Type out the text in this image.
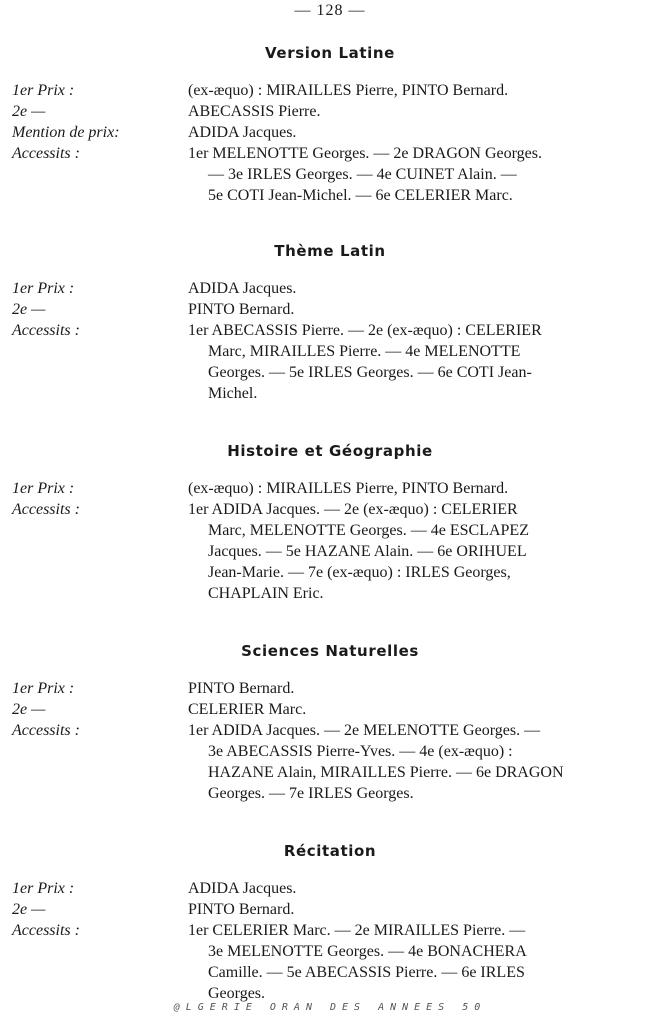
— 128 —
Version Latine
1er Prix :	(ex-æquo) : MIRAILLES Pierre, PINTO Bernard.
2e —	ABECASSIS Pierre.
Mention de prix:	ADIDA Jacques.
Accessits :	1er MELENOTTE Georges. — 2e DRAGON Georges.
— 3e IRLES Georges. — 4e CUINET Alain. —
5e COTI Jean-Michel. — 6e CELERIER Marc.
Thème Latin
1er Prix :	ADIDA Jacques.
2e —	PINTO Bernard.
Accessits :	1er ABECASSIS Pierre. — 2e (ex-æquo) : CELERIER
Marc, MIRAILLES Pierre. — 4e MELENOTTE
Georges. — 5e IRLES Georges. — 6e COTI Jean-
Michel.
Histoire et Géographie
1er Prix :	(ex-æquo) : MIRAILLES Pierre, PINTO Bernard.
Accessits :	1er ADIDA Jacques. — 2e (ex-æquo) : CELERIER
Marc, MELENOTTE Georges. — 4e ESCLAPEZ
Jacques. — 5e HAZANE Alain. — 6e ORIHUEL
Jean-Marie. — 7e (ex-æquo) : IRLES Georges,
CHAPLAIN Eric.
Sciences Naturelles
1er Prix :	PINTO Bernard.
2e —	CELERIER Marc.
Accessits :	1er ADIDA Jacques. — 2e MELENOTTE Georges. —
3e ABECASSIS Pierre-Yves. — 4e (ex-æquo) :
HAZANE Alain, MIRAILLES Pierre. — 6e DRAGON
Georges. — 7e IRLES Georges.
Récitation
1er Prix :	ADIDA Jacques.
2e —	PINTO Bernard.
Accessits :	1er CELERIER Marc. — 2e MIRAILLES Pierre. —
3e MELENOTTE Georges. — 4e BONACHERA
Camille. — 5e ABECASSIS Pierre. — 6e IRLES
Georges.
@LGERIE ORAN DES ANNEES 50
